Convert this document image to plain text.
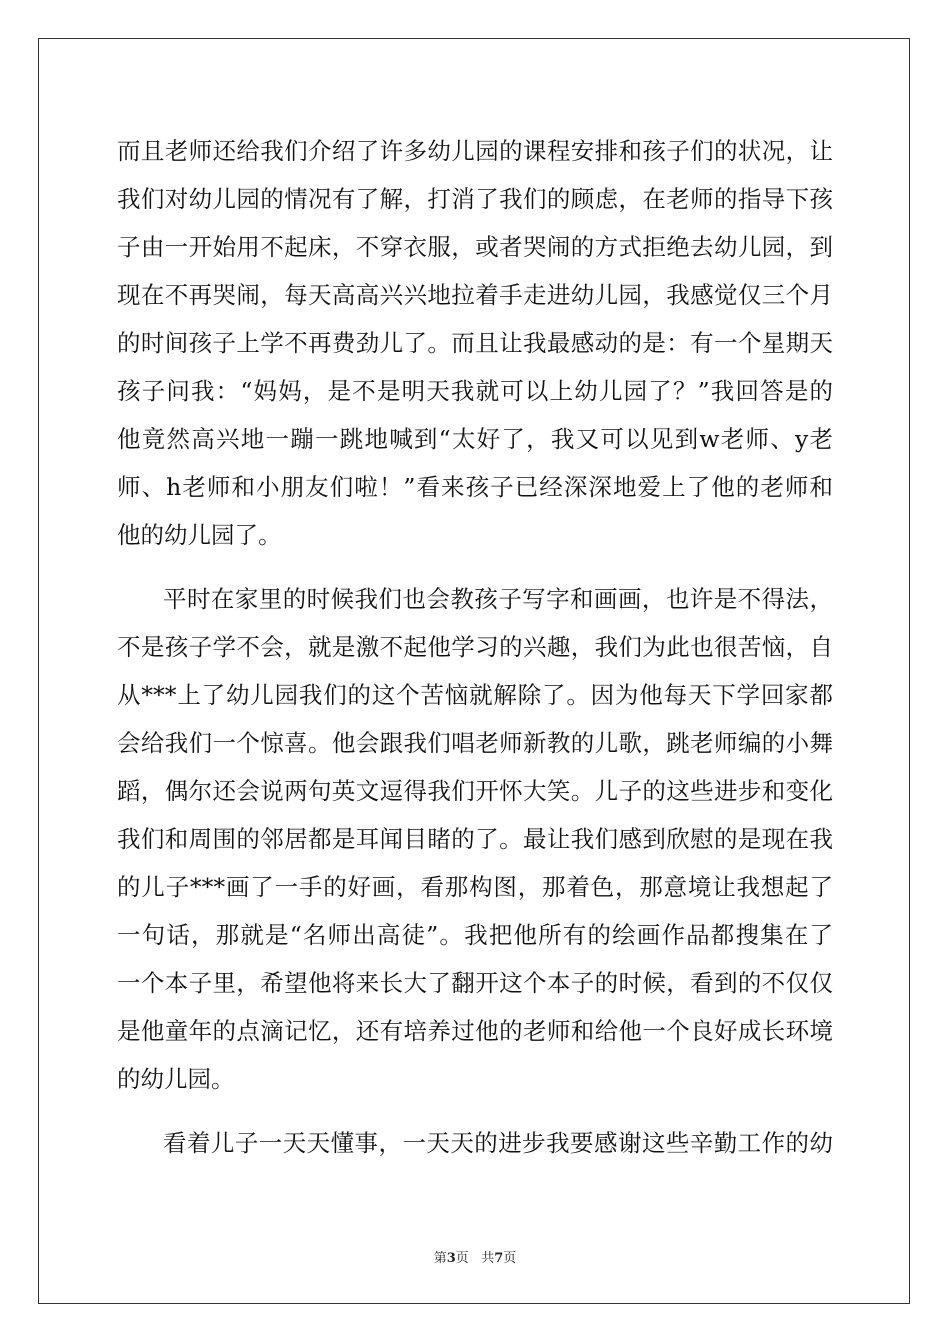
而且老师还给我们介绍了许多幼儿园的课程安排和孩子们的状况，让
我们对幼儿园的情况有了解，打消了我们的顾虑，在老师的指导下孩
子由一开始用不起床，不穿衣服，或者哭闹的方式拒绝去幼儿园，到
现在不再哭闹，每天高高兴兴地拉着手走进幼儿园，我感觉仅三个月
的时间孩子上学不再费劲儿了。而且让我最感动的是：有一个星期天
孩子问我：“妈妈，是不是明天我就可以上幼儿园了？”我回答是的
他竟然高兴地一蹦一跳地喊到“太好了，我又可以见到w老师、y老
师、h老师和小朋友们啦！”看来孩子已经深深地爱上了他的老师和
他的幼儿园了。
平时在家里的时候我们也会教孩子写字和画画，也许是不得法，
不是孩子学不会，就是激不起他学习的兴趣，我们为此也很苦恼，自
从***上了幼儿园我们的这个苦恼就解除了。因为他每天下学回家都
会给我们一个惊喜。他会跟我们唱老师新教的儿歌，跳老师编的小舞
蹈，偶尔还会说两句英文逗得我们开怀大笑。儿子的这些进步和变化
我们和周围的邻居都是耳闻目睹的了。最让我们感到欣慰的是现在我
的儿子***画了一手的好画，看那构图，那着色，那意境让我想起了
一句话，那就是“名师出高徒”。我把他所有的绘画作品都搜集在了
一个本子里，希望他将来长大了翻开这个本子的时候，看到的不仅仅
是他童年的点滴记忆，还有培养过他的老师和给他一个良好成长环境
的幼儿园。
看着儿子一天天懂事，一天天的进步我要感谢这些辛勤工作的幼
第3页 共7页
